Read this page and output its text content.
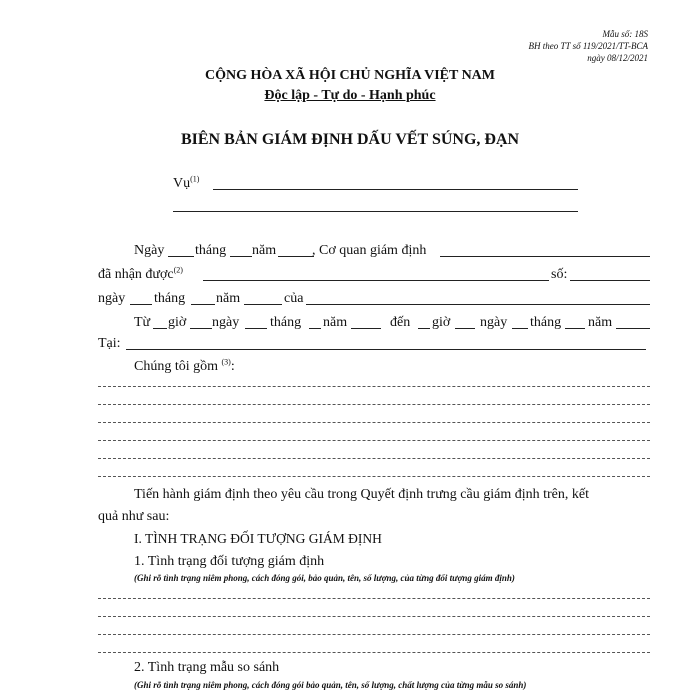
Mẫu số: 18S
BH theo TT số 119/2021/TT-BCA
ngày 08/12/2021
CỘNG HÒA XÃ HỘI CHỦ NGHĨA VIỆT NAM
Độc lập - Tự do - Hạnh phúc
BIÊN BẢN GIÁM ĐỊNH DẤU VẾT SÚNG, ĐẠN
Vụ$^{(1)}$
Ngày tháng năm	, Cơ quan giám định
đã nhận được$^{(2)}$	số:
ngày tháng năm	của
Từ giờ ngày tháng năm	đến giờ ngày tháng năm
Tại:
Chúng tôi gồm $^{(3)}$:
Tiến hành giám định theo yêu cầu trong Quyết định trưng cầu giám định trên, kết
quả như sau:
I. TÌNH TRẠNG ĐỐI TƯỢNG GIÁM ĐỊNH
1. Tình trạng đối tượng giám định
(Ghi rõ tình trạng niêm phong, cách đóng gói, bảo quản, tên, số lượng, của từng đối tượng giám định)
2. Tình trạng mẫu so sánh
(Ghi rõ tình trạng niêm phong, cách đóng gói bảo quản, tên, số lượng, chất lượng của từng mẫu so sánh)
